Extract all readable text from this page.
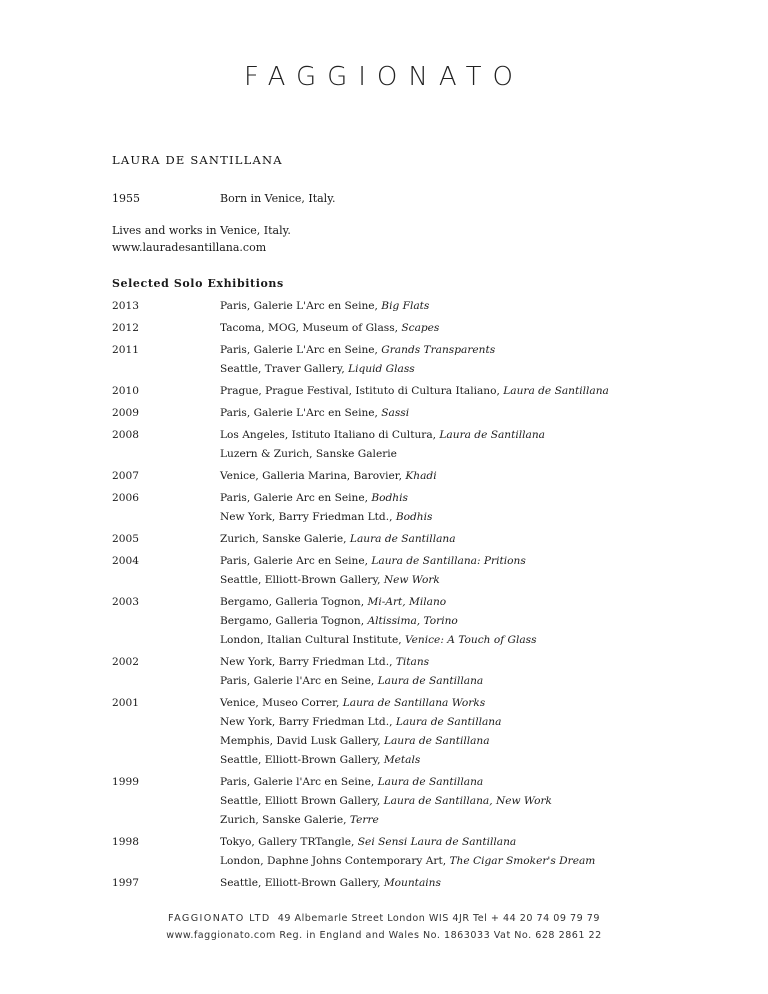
FAGGIONATO
LAURA DE SANTILLANA
1955	Born in Venice, Italy.
Lives and works in Venice, Italy.
www.lauradesantillana.com
Selected Solo Exhibitions
2013	Paris, Galerie L'Arc en Seine, Big Flats
2012	Tacoma, MOG, Museum of Glass, Scapes
2011	Paris, Galerie L'Arc en Seine, Grands Transparents
Seattle, Traver Gallery, Liquid Glass
2010	Prague, Prague Festival, Istituto di Cultura Italiano, Laura de Santillana
2009	Paris, Galerie L'Arc en Seine, Sassi
2008	Los Angeles, Istituto Italiano di Cultura, Laura de Santillana
Luzern & Zurich, Sanske Galerie
2007	Venice, Galleria Marina, Barovier, Khadi
2006	Paris, Galerie Arc en Seine, Bodhis
New York, Barry Friedman Ltd., Bodhis
2005	Zurich, Sanske Galerie, Laura de Santillana
2004	Paris, Galerie Arc en Seine, Laura de Santillana: Pritions
Seattle, Elliott-Brown Gallery, New Work
2003	Bergamo, Galleria Tognon, Mi-Art, Milano
Bergamo, Galleria Tognon, Altissima, Torino
London, Italian Cultural Institute, Venice: A Touch of Glass
2002	New York, Barry Friedman Ltd., Titans
Paris, Galerie l'Arc en Seine, Laura de Santillana
2001	Venice, Museo Correr, Laura de Santillana Works
New York, Barry Friedman Ltd., Laura de Santillana
Memphis, David Lusk Gallery, Laura de Santillana
Seattle, Elliott-Brown Gallery, Metals
1999	Paris, Galerie l'Arc en Seine, Laura de Santillana
Seattle, Elliott Brown Gallery, Laura de Santillana, New Work
Zurich, Sanske Galerie, Terre
1998	Tokyo, Gallery TRTangle, Sei Sensi Laura de Santillana
London, Daphne Johns Contemporary Art, The Cigar Smoker's Dream
1997	Seattle, Elliott-Brown Gallery, Mountains
FAGGIONATO LTD 49 Albemarle Street London WIS 4JR Tel + 44 20 74 09 79 79
www.faggionato.com Reg. in England and Wales No. 1863033 Vat No. 628 2861 22
